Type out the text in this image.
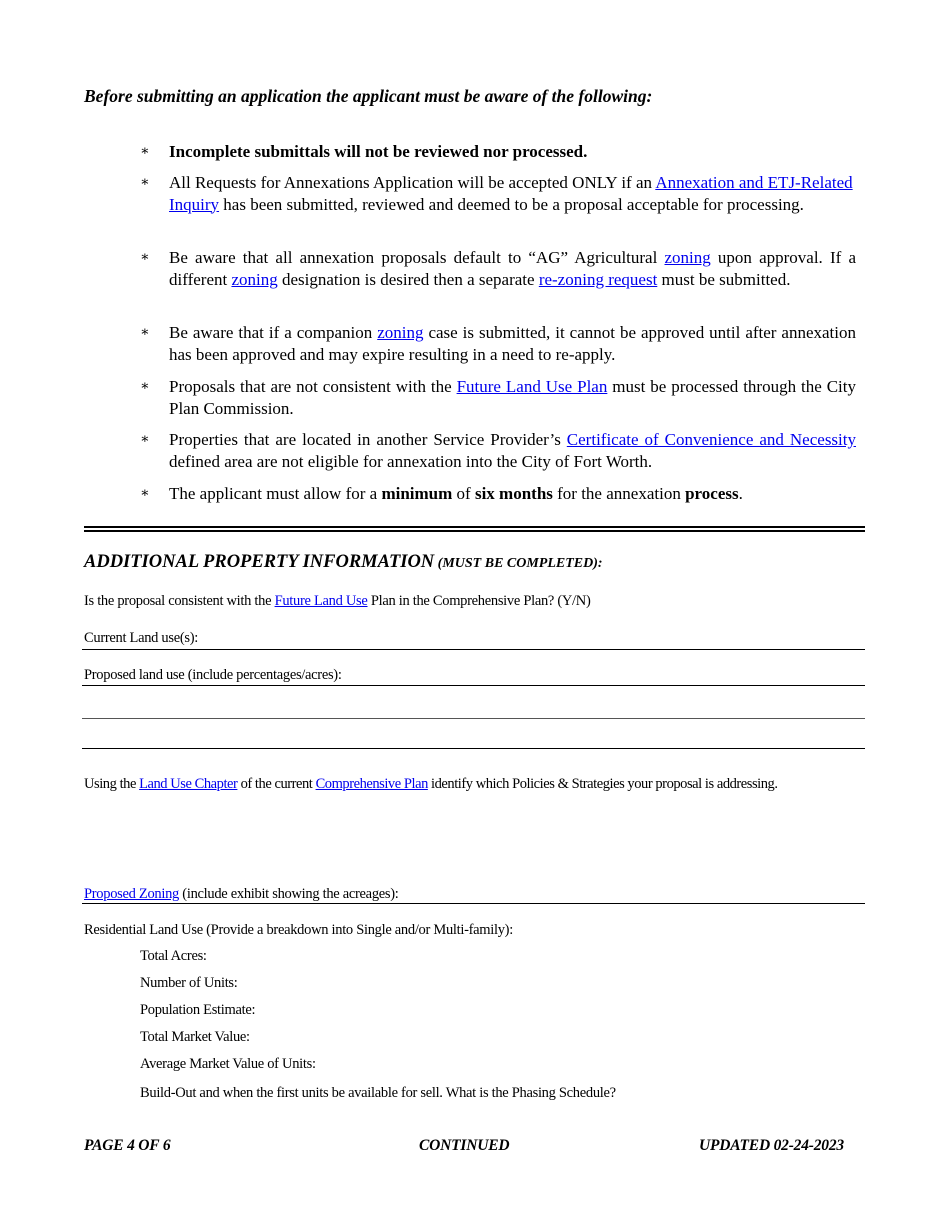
Before submitting an application the applicant must be aware of the following:
∗ Incomplete submittals will not be reviewed nor processed.
∗ All Requests for Annexations Application will be accepted ONLY if an Annexation and ETJ-Related Inquiry has been submitted, reviewed and deemed to be a proposal acceptable for processing.
∗ Be aware that all annexation proposals default to “AG” Agricultural zoning upon approval. If a different zoning designation is desired then a separate re-zoning request must be submitted.
∗ Be aware that if a companion zoning case is submitted, it cannot be approved until after annexation has been approved and may expire resulting in a need to re-apply.
∗ Proposals that are not consistent with the Future Land Use Plan must be processed through the City Plan Commission.
∗ Properties that are located in another Service Provider’s Certificate of Convenience and Necessity defined area are not eligible for annexation into the City of Fort Worth.
∗ The applicant must allow for a minimum of six months for the annexation process.
ADDITIONAL PROPERTY INFORMATION (MUST BE COMPLETED):
Is the proposal consistent with the Future Land Use Plan in the Comprehensive Plan? (Y/N)
Current Land use(s):
Proposed land use (include percentages/acres):
Using the Land Use Chapter of the current Comprehensive Plan identify which Policies & Strategies your proposal is addressing.
Proposed Zoning (include exhibit showing the acreages):
Residential Land Use (Provide a breakdown into Single and/or Multi-family):
Total Acres:
Number of Units:
Population Estimate:
Total Market Value:
Average Market Value of Units:
Build-Out and when the first units be available for sell. What is the Phasing Schedule?
PAGE 4 OF 6	CONTINUED	UPDATED 02-24-2023
